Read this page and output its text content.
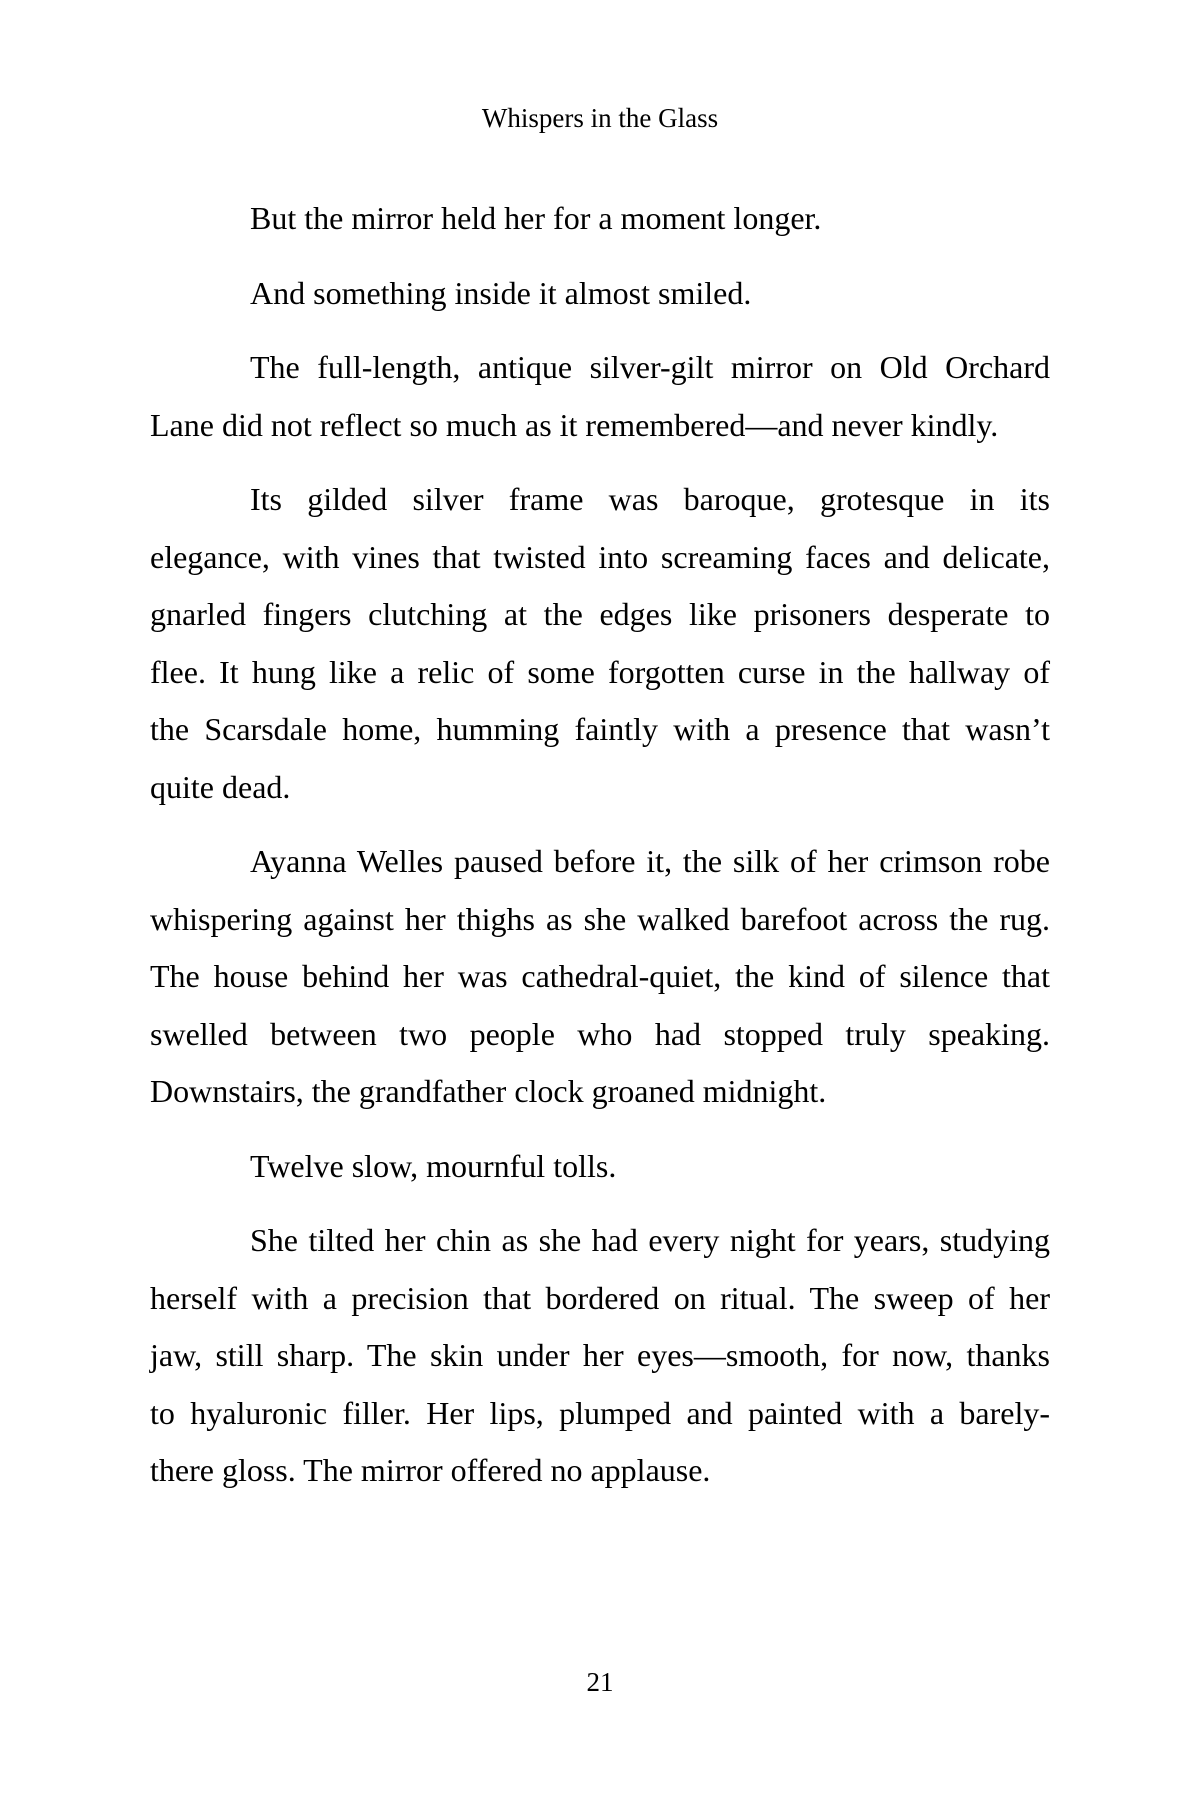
Whispers in the Glass

But the mirror held her for a moment longer.

And something inside it almost smiled.

The full-length, antique silver-gilt mirror on Old Orchard
Lane did not reflect so much as it remembered—and never kindly.

Its gilded silver frame was baroque, grotesque in its
elegance, with vines that twisted into screaming faces and delicate,
gnarled fingers clutching at the edges like prisoners desperate to
flee. It hung like a relic of some forgotten curse in the hallway of
the Scarsdale home, humming faintly with a presence that wasn’t
quite dead.

Ayanna Welles paused before it, the silk of her crimson robe
whispering against her thighs as she walked barefoot across the rug.
The house behind her was cathedral-quiet, the kind of silence that
swelled between two people who had stopped truly speaking.
Downstairs, the grandfather clock groaned midnight.

Twelve slow, mournful tolls.

She tilted her chin as she had every night for years, studying
herself with a precision that bordered on ritual. The sweep of her
jaw, still sharp. The skin under her eyes—smooth, for now, thanks
to hyaluronic filler. Her lips, plumped and painted with a barely-
there gloss. The mirror offered no applause.

21
